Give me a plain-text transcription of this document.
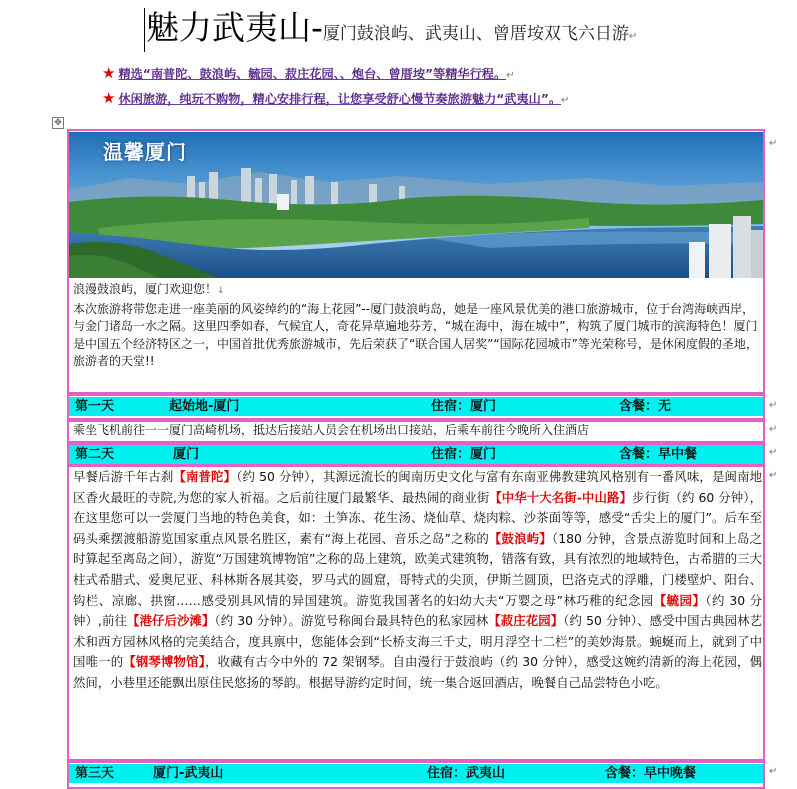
魅力武夷山-厦门鼓浪屿、武夷山、曾厝垵双飞六日游↵
★ 精选“南普陀、鼓浪屿、毓园、菽庄花园、、炮台、曾厝垵”等精华行程。↵
★ 休闲旅游，纯玩不购物，精心安排行程，让您享受舒心慢节奏旅游魅力“武夷山”。↵
✥
↵
↵
↵
↵
↵
↵
温馨厦门
浪漫鼓浪屿，厦门欢迎您！↓
本次旅游将带您走进一座美丽的风姿绰约的“海上花园”--厦门鼓浪屿岛，她是一座风景优美的港口旅游城市，位于台湾海峡西岸，与金门诸岛一水之隔。这里四季如春，气候宜人，奇花异草遍地芬芳，“城在海中，海在城中”，构筑了厦门城市的滨海特色！厦门是中国五个经济特区之一，中国首批优秀旅游城市，先后荣获了“联合国人居奖”“国际花园城市”等光荣称号，是休闲度假的圣地，旅游者的天堂!!
第一天	起始地-厦门	住宿：厦门	含餐：无
乘坐飞机前往一一厦门高崎机场，抵达后接站人员会在机场出口接站，后乘车前往今晚所入住酒店
第二天	厦门	住宿：厦门	含餐：早中餐
早餐后游千年古刹【南普陀】（约 50 分钟），其源远流长的闽南历史文化与富有东南亚佛教建筑风格别有一番风味，是闽南地区香火最旺的寺院,为您的家人祈福。之后前往厦门最繁华、最热闹的商业街【中华十大名街-中山路】步行街（约 60 分钟），在这里您可以一尝厦门当地的特色美食，如：土笋冻、花生汤、烧仙草、烧肉粽、沙茶面等等，感受“舌尖上的厦门”。后车至码头乘摆渡船游览国家重点风景名胜区，素有“海上花园、音乐之岛”之称的【鼓浪屿】（180 分钟，含景点游览时间和上岛之时算起至离岛之间），游览“万国建筑博物馆”之称的岛上建筑，欧美式建筑物，错落有致，具有浓烈的地域特色，古希腊的三大柱式希腊式、爱奥尼亚、科林斯各展其姿，罗马式的圆窟，哥特式的尖顶，伊斯兰圆顶，巴洛克式的浮雕，门楼壁炉、阳台、钩栏、凉廊、拱窗……感受别具风情的异国建筑。游览我国著名的妇幼大夫“万婴之母”林巧稚的纪念园【毓园】（约 30 分钟）,前往【港仔后沙滩】（约 30 分钟）。游览号称闽台最具特色的私家园林【菽庄花园】（约 50 分钟）、感受中国古典园林艺术和西方园林风格的完美结合，度具禀中，您能体会到“长桥支海三千丈，明月浮空十二栏”的美妙海景。蜿蜒而上，就到了中国唯一的【钢琴博物馆】，收藏有古今中外的 72 架钢琴。自由漫行于鼓浪屿（约 30 分钟），感受这婉约清新的海上花园，偶然间，小巷里还能飘出原住民悠扬的琴韵。根据导游约定时间，统一集合返回酒店，晚餐自己品尝特色小吃。
第三天	厦门-武夷山	住宿：武夷山	含餐：早中晚餐
